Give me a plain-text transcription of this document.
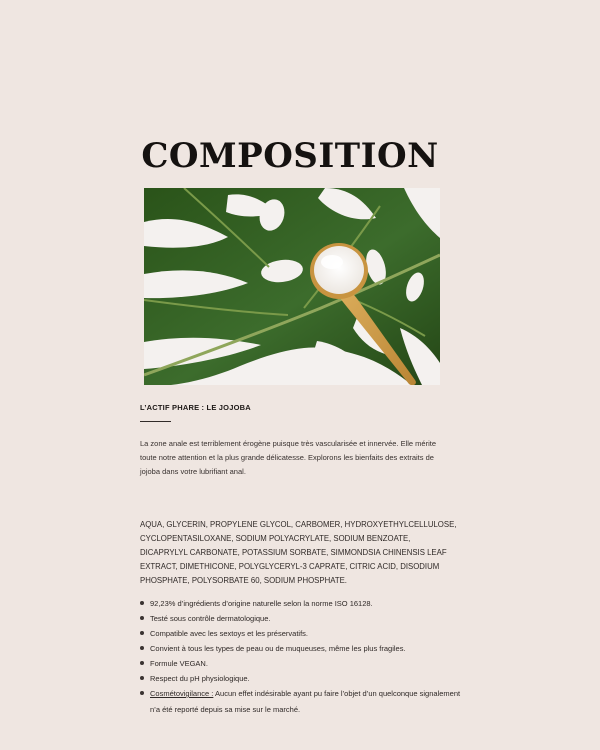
COMPOSITION

L’ACTIF PHARE : LE JOJOBA

La zone anale est terriblement érogène puisque très vascularisée et innervée. Elle mérite toute notre attention et la plus grande délicatesse. Explorons les bienfaits des extraits de jojoba dans votre lubrifiant anal.

AQUA, GLYCERIN, PROPYLENE GLYCOL, CARBOMER, HYDROXYETHYLCELLULOSE, CYCLOPENTASILOXANE, SODIUM POLYACRYLATE, SODIUM BENZOATE, DICAPRYLYL CARBONATE, POTASSIUM SORBATE, SIMMONDSIA CHINENSIS LEAF EXTRACT, DIMETHICONE, POLYGLYCERYL-3 CAPRATE, CITRIC ACID, DISODIUM PHOSPHATE, POLYSORBATE 60, SODIUM PHOSPHATE.

92,23% d’ingrédients d’origine naturelle selon la norme ISO 16128.
Testé sous contrôle dermatologique.
Compatible avec les sextoys et les préservatifs.
Convient à tous les types de peau ou de muqueuses, même les plus fragiles.
Formule VEGAN.
Respect du pH physiologique.
Cosmétovigilance : Aucun effet indésirable ayant pu faire l’objet d’un quelconque signalement n’a été reporté depuis sa mise sur le marché.
